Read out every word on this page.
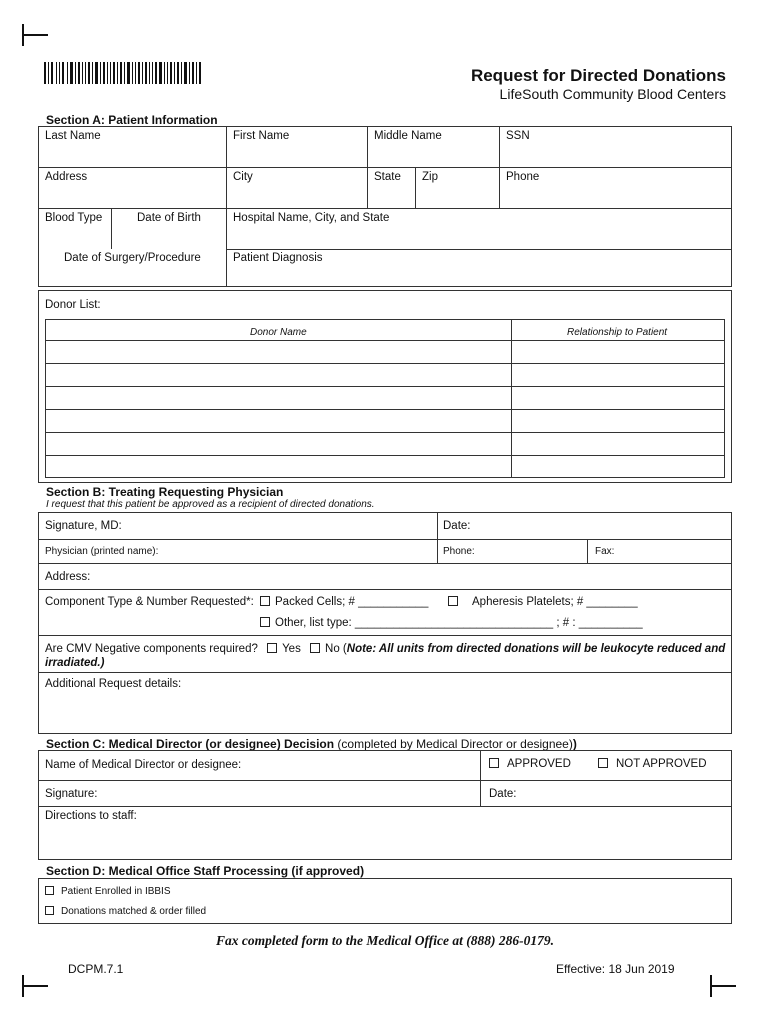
Request for Directed Donations
LifeSouth Community Blood Centers
Section A: Patient Information
Last Name	First Name	Middle Name	SSN
Address	City	State Zip	Phone
Blood Type	Date of Birth	Hospital Name, City, and State
Date of Surgery/Procedure	Patient Diagnosis
Donor List:
Donor Name	Relationship to Patient
Section B: Treating Requesting Physician
I request that this patient be approved as a recipient of directed donations.
Signature, MD:	Date:
Physician (printed name):	Phone:	Fax:
Address:
Component Type & Number Requested*:	Packed Cells; # ___________	Apheresis Platelets; # ________
Other, list type: _______________________________ ; # : __________
Are CMV Negative components required? Yes No (Note: All units from directed donations will be leukocyte reduced and
irradiated.)
Additional Request details:
Section C: Medical Director (or designee) Decision (completed by Medical Director or designee))
Name of Medical Director or designee:	APPROVED	NOT APPROVED
Signature:	Date:
Directions to staff:
Section D: Medical Office Staff Processing (if approved)
Patient Enrolled in IBBIS
Donations matched & order filled
Fax completed form to the Medical Office at (888) 286-0179.
DCPM.7.1	Effective: 18 Jun 2019
